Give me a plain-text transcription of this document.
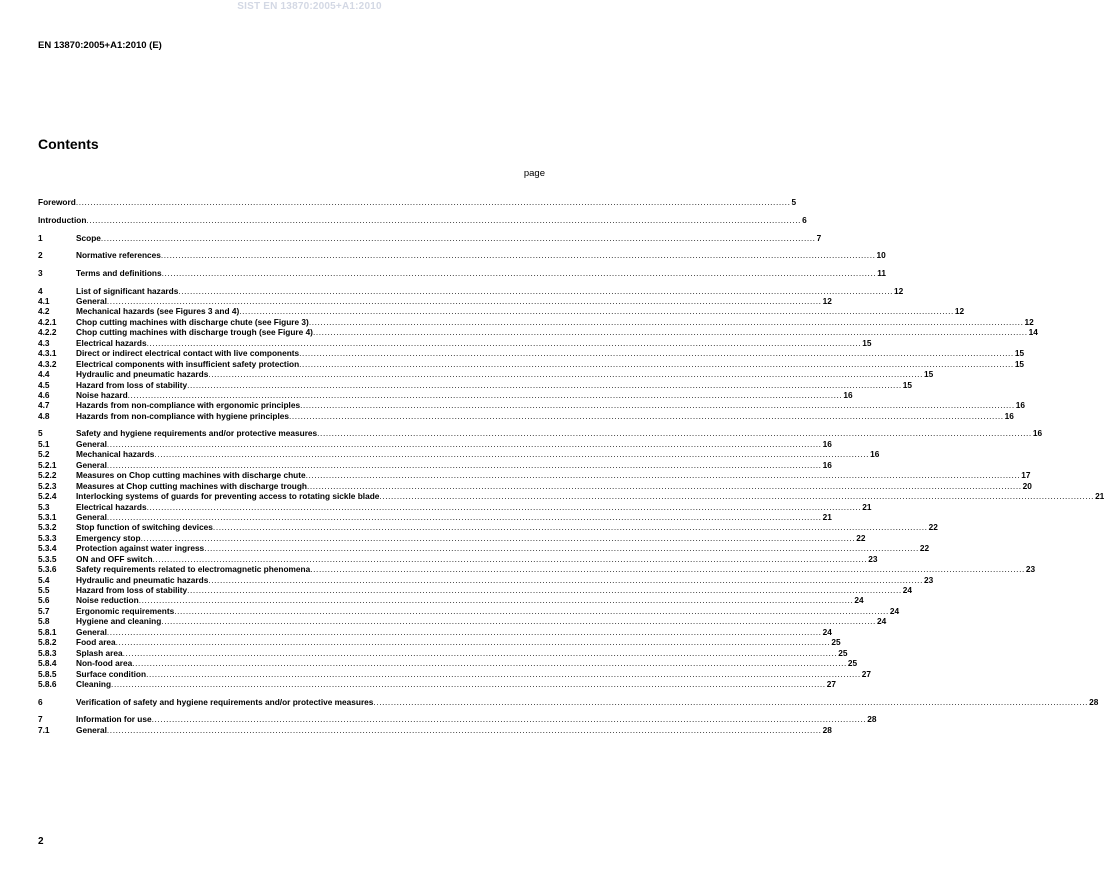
SIST EN 13870:2005+A1:2010
EN 13870:2005+A1:2010 (E)
Contents
page
Foreword .....	5
Introduction .....	6
1	Scope .....	7
2	Normative references .....	10
3	Terms and definitions .....	11
4	List of significant hazards .....	12
4.1	General .....	12
4.2	Mechanical hazards (see Figures 3 and 4) .....	12
4.2.1	Chop cutting machines with discharge chute (see Figure 3) .....	12
4.2.2	Chop cutting machines with discharge trough (see Figure 4) .....	14
4.3	Electrical hazards .....	15
4.3.1	Direct or indirect electrical contact with live components .....	15
4.3.2	Electrical components with insufficient safety protection .....	15
4.4	Hydraulic and pneumatic hazards .....	15
4.5	Hazard from loss of stability .....	15
4.6	Noise hazard .....	16
4.7	Hazards from non-compliance with ergonomic principles .....	16
4.8	Hazards from non-compliance with hygiene principles .....	16
5	Safety and hygiene requirements and/or protective measures .....	16
5.1	General .....	16
5.2	Mechanical hazards .....	16
5.2.1	General .....	16
5.2.2	Measures on Chop cutting machines with discharge chute .....	17
5.2.3	Measures at Chop cutting machines with discharge trough .....	20
5.2.4	Interlocking systems of guards for preventing access to rotating sickle blade .....	21
5.3	Electrical hazards .....	21
5.3.1	General .....	21
5.3.2	Stop function of switching devices .....	22
5.3.3	Emergency stop .....	22
5.3.4	Protection against water ingress .....	22
5.3.5	ON and OFF switch .....	23
5.3.6	Safety requirements related to electromagnetic phenomena .....	23
5.4	Hydraulic and pneumatic hazards .....	23
5.5	Hazard from loss of stability .....	24
5.6	Noise reduction .....	24
5.7	Ergonomic requirements .....	24
5.8	Hygiene and cleaning .....	24
5.8.1	General .....	24
5.8.2	Food area .....	25
5.8.3	Splash area .....	25
5.8.4	Non-food area .....	25
5.8.5	Surface condition .....	27
5.8.6	Cleaning .....	27
6	Verification of safety and hygiene requirements and/or protective measures .....	28
7	Information for use .....	28
7.1	General .....	28
2
